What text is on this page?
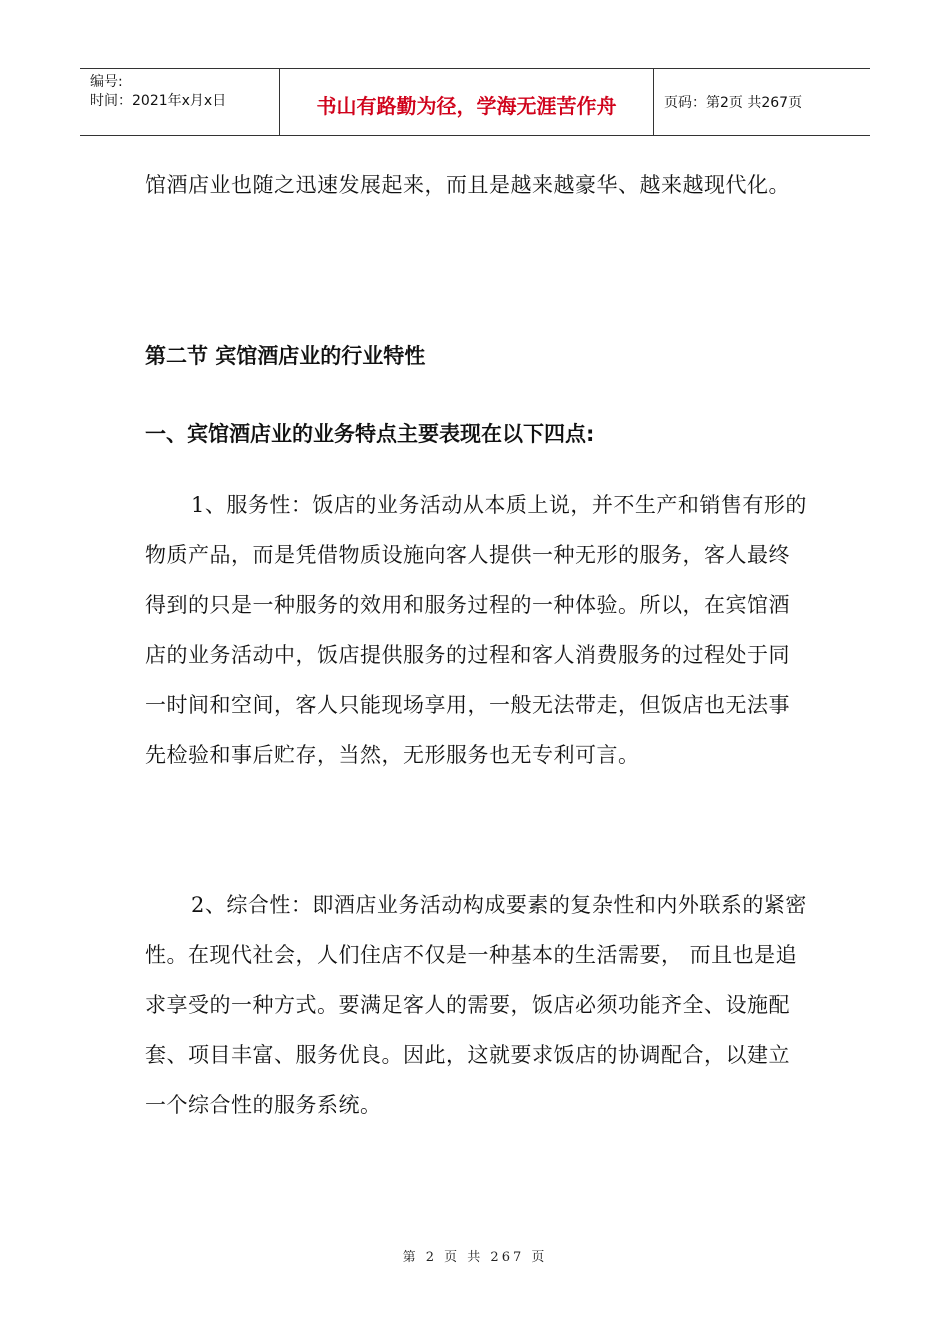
编号:
时间：2021年x月x日	书山有路勤为径，学海无涯苦作舟	页码：第2页 共267页

馆酒店业也随之迅速发展起来，而且是越来越豪华、越来越现代化。

第二节 宾馆酒店业的行业特性
一、宾馆酒店业的业务特点主要表现在以下四点:

1、服务性：饭店的业务活动从本质上说，并不生产和销售有形的物质产品，而是凭借物质设施向客人提供一种无形的服务，客人最终得到的只是一种服务的效用和服务过程的一种体验。所以，在宾馆酒店的业务活动中，饭店提供服务的过程和客人消费服务的过程处于同一时间和空间，客人只能现场享用，一般无法带走，但饭店也无法事先检验和事后贮存，当然，无形服务也无专利可言。

2、综合性：即酒店业务活动构成要素的复杂性和内外联系的紧密性。在现代社会，人们住店不仅是一种基本的生活需要， 而且也是追求享受的一种方式。要满足客人的需要，饭店必须功能齐全、设施配套、项目丰富、服务优良。因此，这就要求饭店的协调配合，以建立一个综合性的服务系统。

第 2 页 共 267 页
